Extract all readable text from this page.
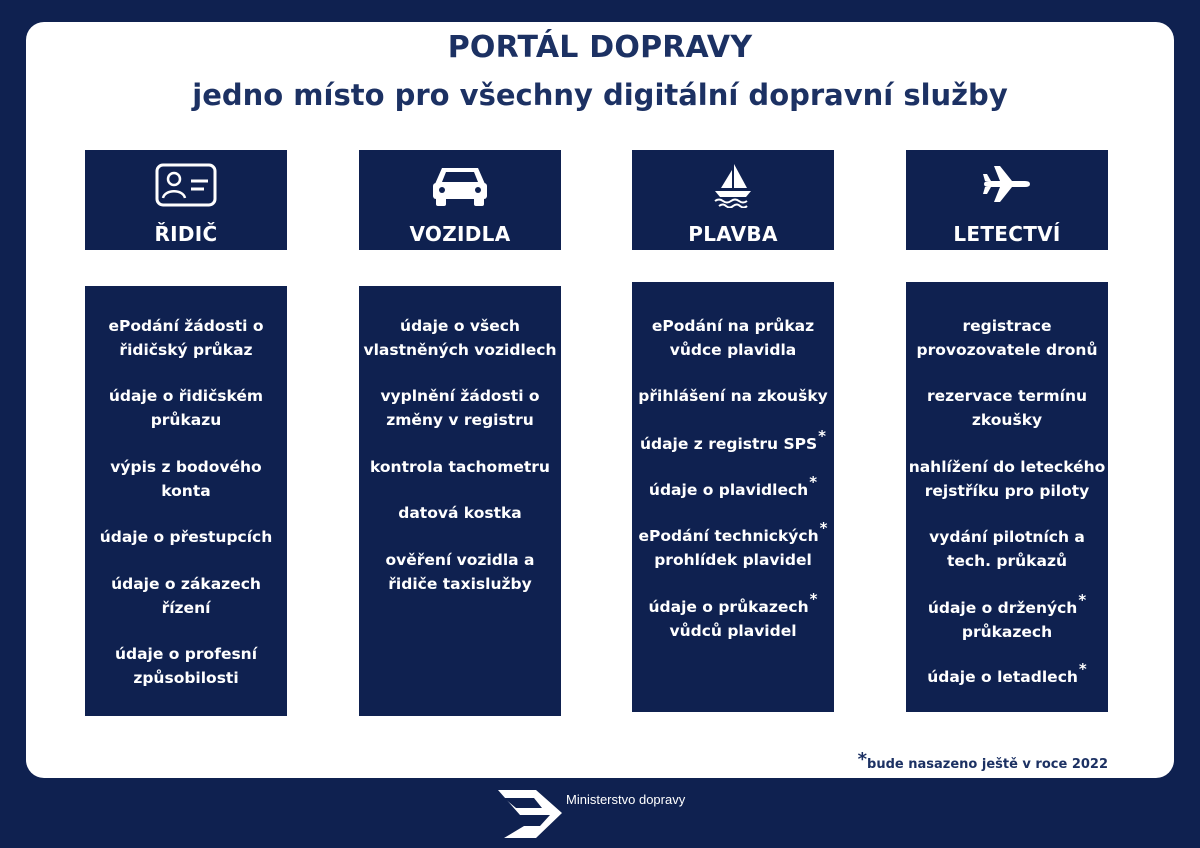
PORTÁL DOPRAVY
jedno místo pro všechny digitální dopravní služby
ŘIDIČ	VOZIDLA	PLAVBA	LETECTVÍ
ePodání žádosti o
řidičský průkaz
údaje o řidičském
průkazu
výpis z bodového
konta
údaje o přestupcích
údaje o zákazech
řízení
údaje o profesní
způsobilosti
údaje o všech
vlastněných vozidlech
vyplnění žádosti o
změny v registru
kontrola tachometru
datová kostka
ověření vozidla a
řidiče taxislužby
ePodání na průkaz
vůdce plavidla
přihlášení na zkoušky
údaje z registru SPS*
údaje o plavidlech*
ePodání technických*
prohlídek plavidel
údaje o průkazech*
vůdců plavidel
registrace
provozovatele dronů
rezervace termínu
zkoušky
nahlížení do leteckého
rejstříku pro piloty
vydání pilotních a
tech. průkazů
údaje o držených*
průkazech
údaje o letadlech*
*bude nasazeno ještě v roce 2022
Ministerstvo dopravy
